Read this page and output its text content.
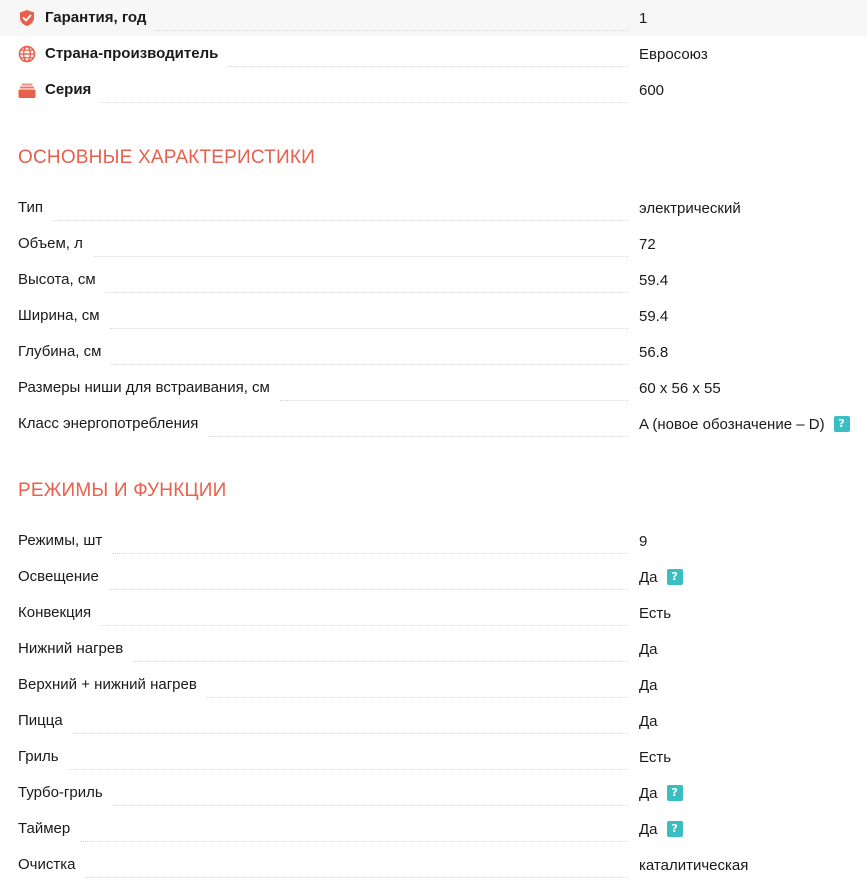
Гарантия, год	1
Страна-производитель	Евросоюз
Серия	600
ОСНОВНЫЕ ХАРАКТЕРИСТИКИ
Тип	электрический
Объем, л	72
Высота, см	59.4
Ширина, см	59.4
Глубина, см	56.8
Размеры ниши для встраивания, см	60 x 56 x 55
Класс энергопотребления	A (новое обозначение – D)	?
РЕЖИМЫ И ФУНКЦИИ
Режимы, шт	9
Освещение	Да	?
Конвекция	Есть
Нижний нагрев	Да
Верхний + нижний нагрев	Да
Пицца	Да
Гриль	Есть
Турбо-гриль	Да	?
Таймер	Да	?
Очистка	каталитическая
